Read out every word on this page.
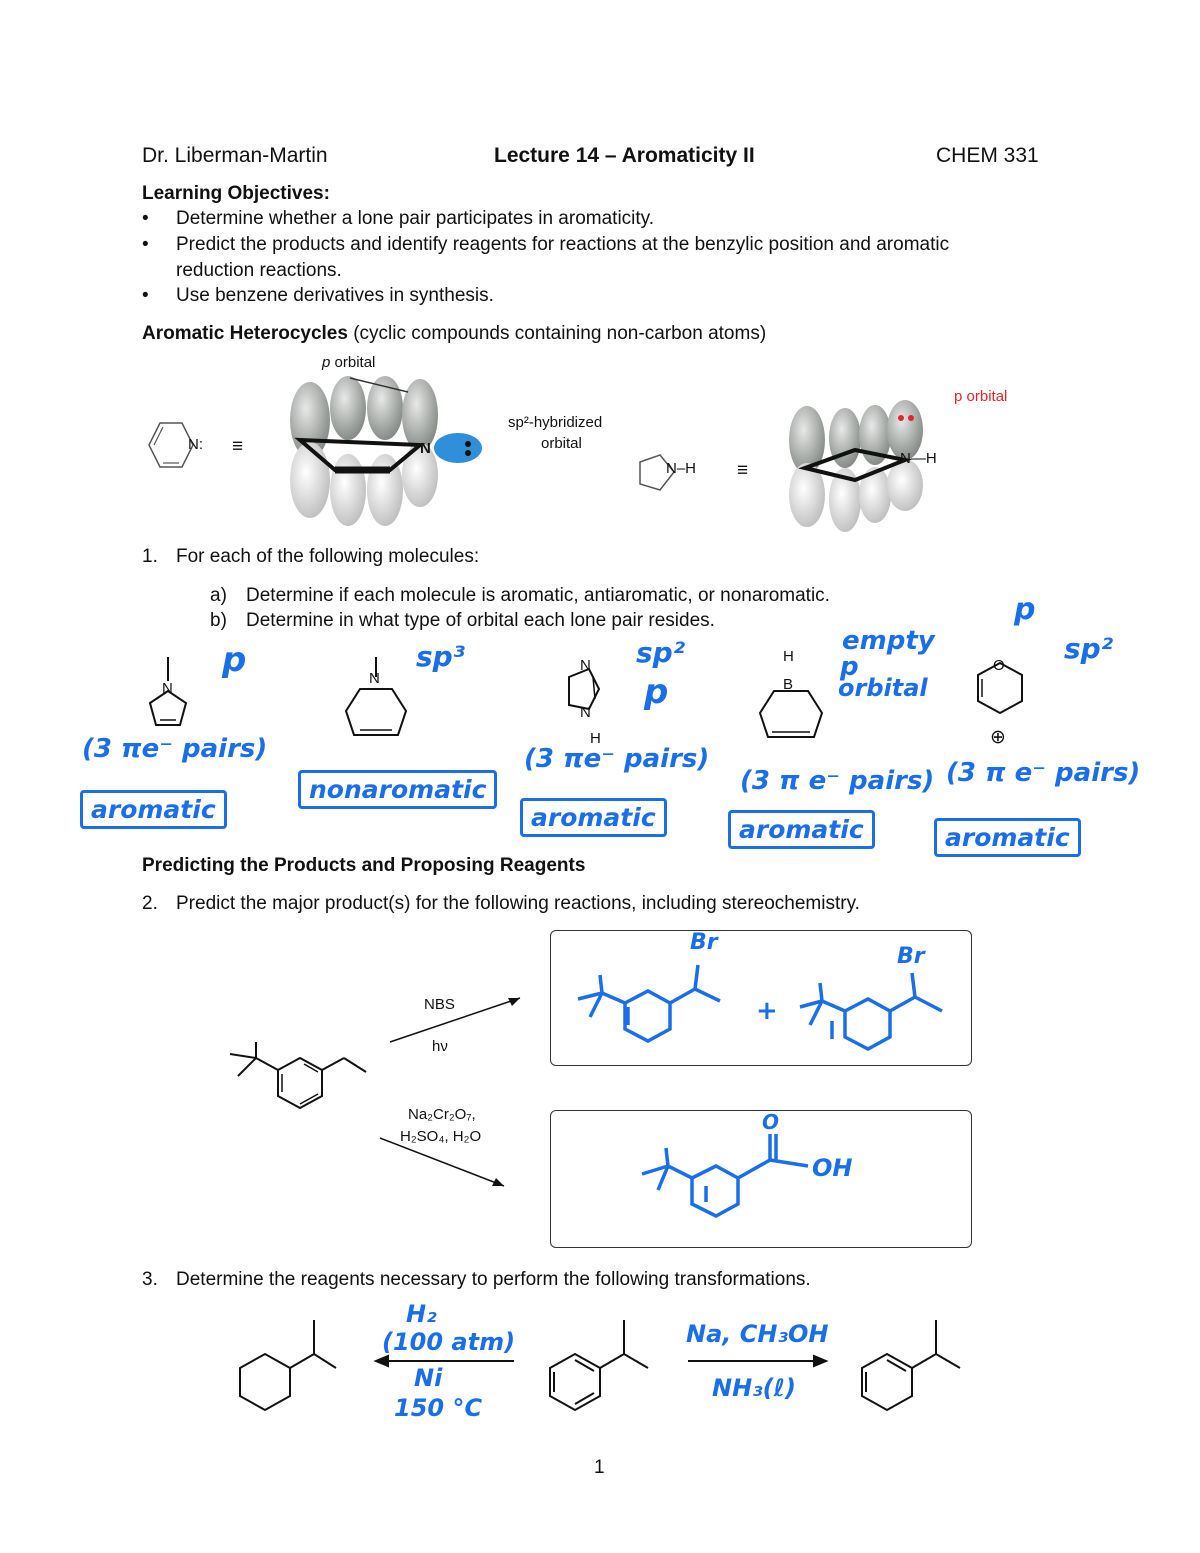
Dr. Liberman-Martin	Lecture 14 – Aromaticity II	CHEM 331
Learning Objectives:
• Determine whether a lone pair participates in aromaticity.
• Predict the products and identify reagents for reactions at the benzylic position and aromatic
reduction reactions.
• Use benzene derivatives in synthesis.
Aromatic Heterocycles (cyclic compounds containing non-carbon atoms)
N: ≡
p orbital
N
sp²-hybridized
orbital
N–H ≡
N—H
p orbital
1. For each of the following molecules:
a) Determine if each molecule is aromatic, antiaromatic, or nonaromatic.
b) Determine in what type of orbital each lone pair resides.
N
p
(3 πe⁻ pairs)
aromatic
N
sp³
nonaromatic
N
N
H
sp²
p
(3 πe⁻ pairs)
aromatic
H
B
empty
p
orbital
(3 π e⁻ pairs)
aromatic
O
⊕
p
sp²
(3 π e⁻ pairs)
aromatic
Predicting the Products and Proposing Reagents
2. Predict the major product(s) for the following reactions, including stereochemistry.
NBS
hν
Na₂Cr₂O₇,
H₂SO₄, H₂O
Br
Br
+
O
OH
3. Determine the reagents necessary to perform the following transformations.
H₂
(100 atm)
Ni
150 °C
Na, CH₃OH
NH₃(ℓ)
1
